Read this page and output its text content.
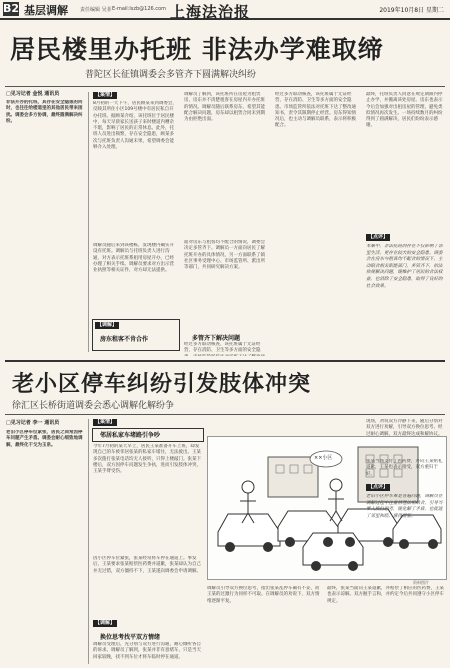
B2 基层调解 责任编辑 吴菲 E-mail:lszb@126.com 上海法治报	2019年10月8日 星期二
居民楼里办托班 非法办学难取缔
普陀区长征镇调委会多管齐下圆满解决纠纷
□见习记者 金悦 通讯员
非法开办的托班，其存在安全隐患的同时，也往往给楼道里的其他居民带来困扰。调委会多方协调，最终圆满解决纠纷。
【案情】
8月初的一天下午，居民顾某来到调委会，反映其所住小区109号楼中有居民私自开办托班。据顾某介绍，该托班位于居民楼中，每天早晨家长送孩子来时楼道内嘈杂不堪，影响了居民的正常休息。此外，托班人员进出频繁，存在安全隐患，顾某多次与托班负责人沟通未果，希望调委会能够介入处理。
调解员随后来到该楼栋，发现楼内确实开设有托班。调解员与托班负责人进行沟通，对方表示托班系租用房屋开办，已经办理了相关手续。调解员要求对方出示营业执照等相关证件，对方却无法提供。
【调解】
房东租客不肯合作
调解员了解到，该托班所在房屋为租赁房，房东并不清楚租客在房屋内开办托班的情况。调解员随后联系房东，希望其能配合解决问题，房东却以租赁合同未到期为由拒绝出面。
面对房东与租客均不配合的情况，调委会决定多管齐下。调解员一方面向居民了解托班开办的具体情况，另一方面联系了镇社区事务受理中心、市场监管所、派出所等部门，共同研究解决方案。
多管齐下解决问题
经过多方联动核查，该托班属于无证经营，存在消防、卫生等多方面的安全隐
经过多方联动核查，该托班属于无证经营，存在消防、卫生等多方面的安全隐患。市场监管所依法对托班下达了整改通知书，责令其限期停止经营。房东得知情况后，也主动与调解员联系，表示将积极配合。
最终，托班负责人同意在规定期限内停止办学，并搬离该处房屋。房东也表示今后会加强对出租房屋的管理，避免类似情况再次发生。一场持续数月的纠纷得到了圆满解决，居民们纷纷表示感谢。
【点评】
本案中，非法托班的存在不仅影响了邻里生活，更存在较大的安全隐患。调委会在房东与租客均不配合的情况下，主动联合相关职能部门，多管齐下，依法依规解决问题，既维护了居民的合法权益，也消除了安全隐患，取得了良好的社会效果。
老小区停车纠纷引发肢体冲突
徐汇区长桥街道调委会悉心调解化解纷争
□见习记者 李一 通讯员
老旧小区停车位紧张，居民之间常因停车问题产生矛盾。调委会耐心细致地调解，最终化干戈为玉帛。
【案情】
邻居私家车堵路引争吵
今年7月初的某天早上，居民王某准备开车上班，却发现自己的车被邻居张某的私家车堵住，无法驶出。王某多次拨打张某电话均无人接听，只得上楼敲门。张某下楼后，双方因停车问题发生争执，进而引发肢体冲突，王某手臂受伤。
因小区停车位紧张，张某经常将车停在通道上。事发后，王某要求张某赔偿医药费并道歉，张某却认为自己并无过错，双方僵持不下，王某遂向调委会申请调解。
【调解】
换位思考找平双方情绪
调解员受理后，先分别与双方进行沟通，耐心倾听各自的诉求。调解员了解到，张某并非有意堵车，只是当天回家较晚，找不到车位才将车临时停在通道。
××小区
资料图片
调解员引导双方换位思考，指出张某乱停车确有不妥，而王某的过激行为同样不可取。在调解员的劝说下，双方情绪逐渐平复。
最终，张某当面向王某道歉，并赔偿了相应的医药费，王某也表示谅解。双方握手言和，并约定今后共同遵守小区停车规定。
现场，劝说双方冷静下来，随后分别对双方进行劝解，引导双方换位思考。经过耐心调解，双方最终达成和解协议。
张某当场支付了医药费，并向王某赔礼道歉，王某也表示接受，双方重归于好。
【点评】
老旧小区停车难是普遍问题，调解员在调解过程中注重情理法相结合，引导当事人换位思考，既化解了矛盾，也促进了邻里和睦，值得借鉴。
